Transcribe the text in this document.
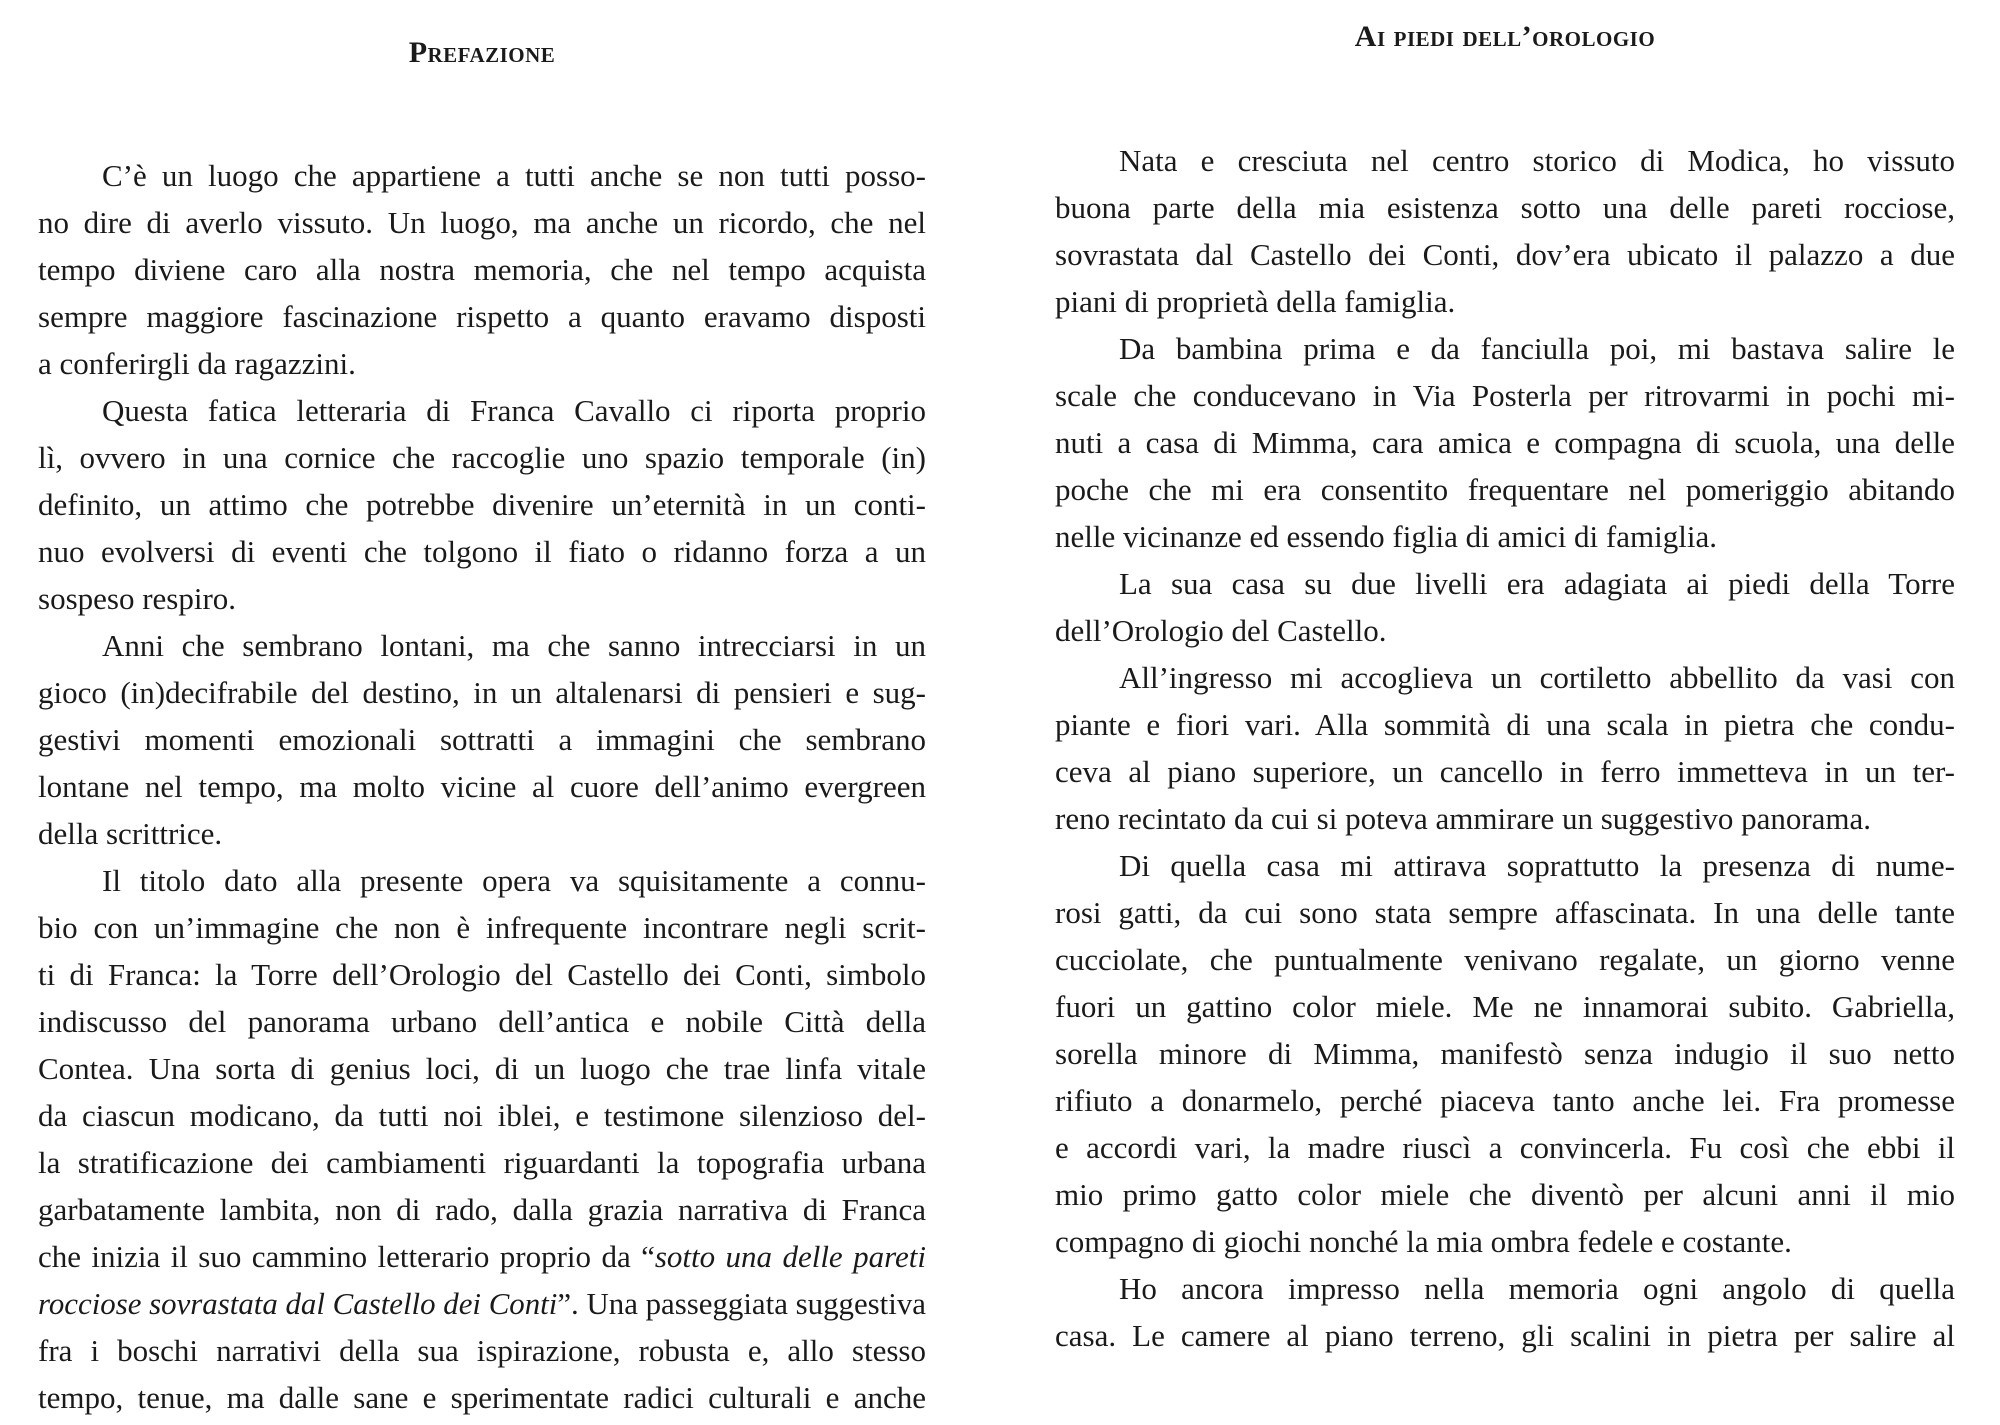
Prefazione
C’è un luogo che appartiene a tutti anche se non tutti posso-
no dire di averlo vissuto. Un luogo, ma anche un ricordo, che nel
tempo diviene caro alla nostra memoria, che nel tempo acquista
sempre maggiore fascinazione rispetto a quanto eravamo disposti
a conferirgli da ragazzini.
Questa fatica letteraria di Franca Cavallo ci riporta proprio
lì, ovvero in una cornice che raccoglie uno spazio temporale (in)
definito, un attimo che potrebbe divenire un’eternità in un conti-
nuo evolversi di eventi che tolgono il fiato o ridanno forza a un
sospeso respiro.
Anni che sembrano lontani, ma che sanno intrecciarsi in un
gioco (in)decifrabile del destino, in un altalenarsi di pensieri e sug-
gestivi momenti emozionali sottratti a immagini che sembrano
lontane nel tempo, ma molto vicine al cuore dell’animo evergreen
della scrittrice.
Il titolo dato alla presente opera va squisitamente a connu-
bio con un’immagine che non è infrequente incontrare negli scrit-
ti di Franca: la Torre dell’Orologio del Castello dei Conti, simbolo
indiscusso del panorama urbano dell’antica e nobile Città della
Contea. Una sorta di genius loci, di un luogo che trae linfa vitale
da ciascun modicano, da tutti noi iblei, e testimone silenzioso del-
la stratificazione dei cambiamenti riguardanti la topografia urbana
garbatamente lambita, non di rado, dalla grazia narrativa di Franca
che inizia il suo cammino letterario proprio da “sotto una delle pareti
rocciose sovrastata dal Castello dei Conti”. Una passeggiata suggestiva
fra i boschi narrativi della sua ispirazione, robusta e, allo stesso
tempo, tenue, ma dalle sane e sperimentate radici culturali e anche
Ai piedi dell’orologio
Nata e cresciuta nel centro storico di Modica, ho vissuto
buona parte della mia esistenza sotto una delle pareti rocciose,
sovrastata dal Castello dei Conti, dov’era ubicato il palazzo a due
piani di proprietà della famiglia.
Da bambina prima e da fanciulla poi, mi bastava salire le
scale che conducevano in Via Posterla per ritrovarmi in pochi mi-
nuti a casa di Mimma, cara amica e compagna di scuola, una delle
poche che mi era consentito frequentare nel pomeriggio abitando
nelle vicinanze ed essendo figlia di amici di famiglia.
La sua casa su due livelli era adagiata ai piedi della Torre
dell’Orologio del Castello.
All’ingresso mi accoglieva un cortiletto abbellito da vasi con
piante e fiori vari. Alla sommità di una scala in pietra che condu-
ceva al piano superiore, un cancello in ferro immetteva in un ter-
reno recintato da cui si poteva ammirare un suggestivo panorama.
Di quella casa mi attirava soprattutto la presenza di nume-
rosi gatti, da cui sono stata sempre affascinata. In una delle tante
cucciolate, che puntualmente venivano regalate, un giorno venne
fuori un gattino color miele. Me ne innamorai subito. Gabriella,
sorella minore di Mimma, manifestò senza indugio il suo netto
rifiuto a donarmelo, perché piaceva tanto anche lei. Fra promesse
e accordi vari, la madre riuscì a convincerla. Fu così che ebbi il
mio primo gatto color miele che diventò per alcuni anni il mio
compagno di giochi nonché la mia ombra fedele e costante.
Ho ancora impresso nella memoria ogni angolo di quella
casa. Le camere al piano terreno, gli scalini in pietra per salire al
